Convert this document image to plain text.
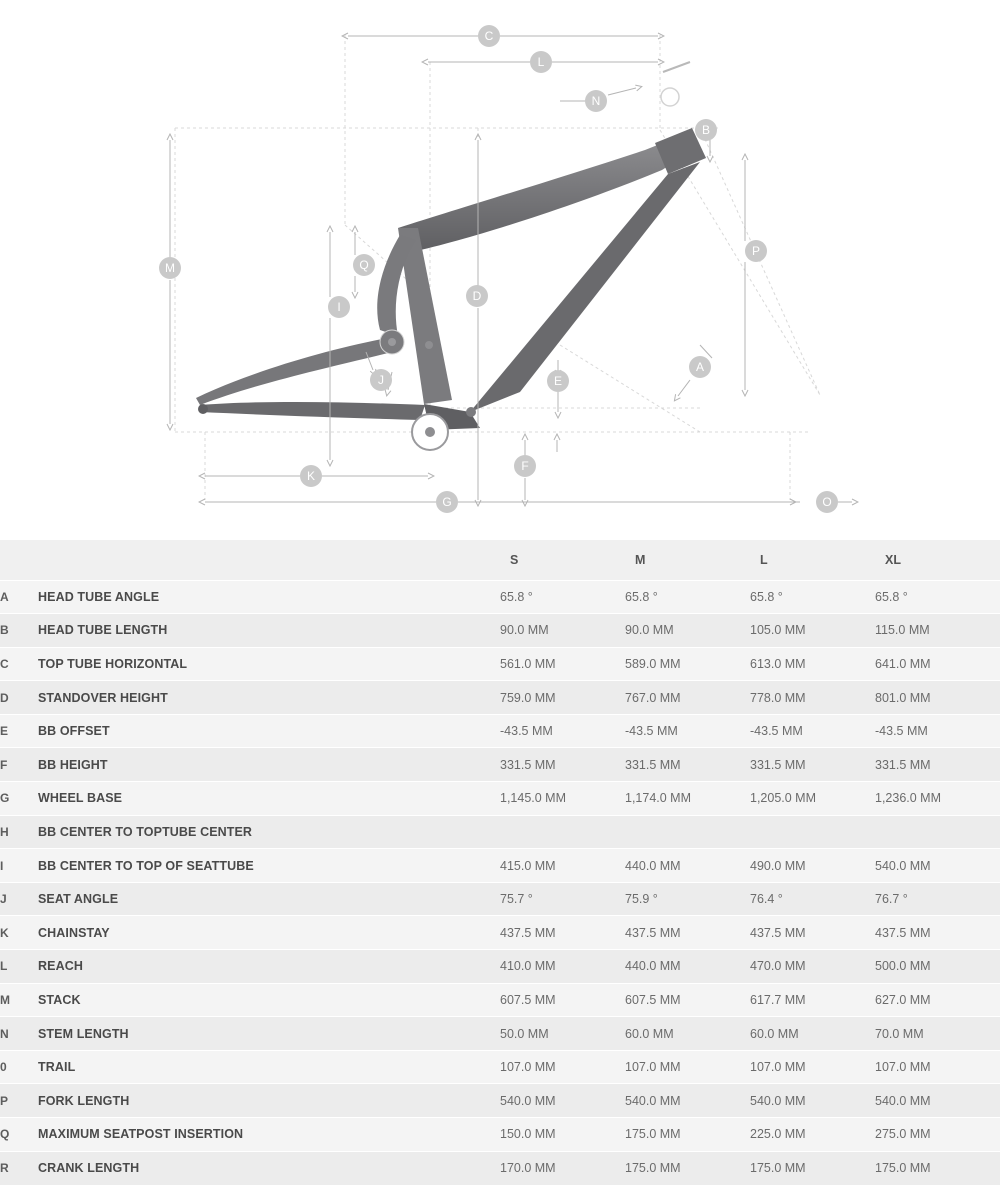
C
L
N
B
M	Q
I
D
P
A
J	E
F
K
G	O
		S	M	L	XL
A	HEAD TUBE ANGLE	65.8 °	65.8 °	65.8 °	65.8 °
B	HEAD TUBE LENGTH	90.0 MM	90.0 MM	105.0 MM	115.0 MM
C	TOP TUBE HORIZONTAL	561.0 MM	589.0 MM	613.0 MM	641.0 MM
D	STANDOVER HEIGHT	759.0 MM	767.0 MM	778.0 MM	801.0 MM
E	BB OFFSET	-43.5 MM	-43.5 MM	-43.5 MM	-43.5 MM
F	BB HEIGHT	331.5 MM	331.5 MM	331.5 MM	331.5 MM
G	WHEEL BASE	1,145.0 MM	1,174.0 MM	1,205.0 MM	1,236.0 MM
H	BB CENTER TO TOPTUBE CENTER				
I	BB CENTER TO TOP OF SEATTUBE	415.0 MM	440.0 MM	490.0 MM	540.0 MM
J	SEAT ANGLE	75.7 °	75.9 °	76.4 °	76.7 °
K	CHAINSTAY	437.5 MM	437.5 MM	437.5 MM	437.5 MM
L	REACH	410.0 MM	440.0 MM	470.0 MM	500.0 MM
M	STACK	607.5 MM	607.5 MM	617.7 MM	627.0 MM
N	STEM LENGTH	50.0 MM	60.0 MM	60.0 MM	70.0 MM
0	TRAIL	107.0 MM	107.0 MM	107.0 MM	107.0 MM
P	FORK LENGTH	540.0 MM	540.0 MM	540.0 MM	540.0 MM
Q	MAXIMUM SEATPOST INSERTION	150.0 MM	175.0 MM	225.0 MM	275.0 MM
R	CRANK LENGTH	170.0 MM	175.0 MM	175.0 MM	175.0 MM
